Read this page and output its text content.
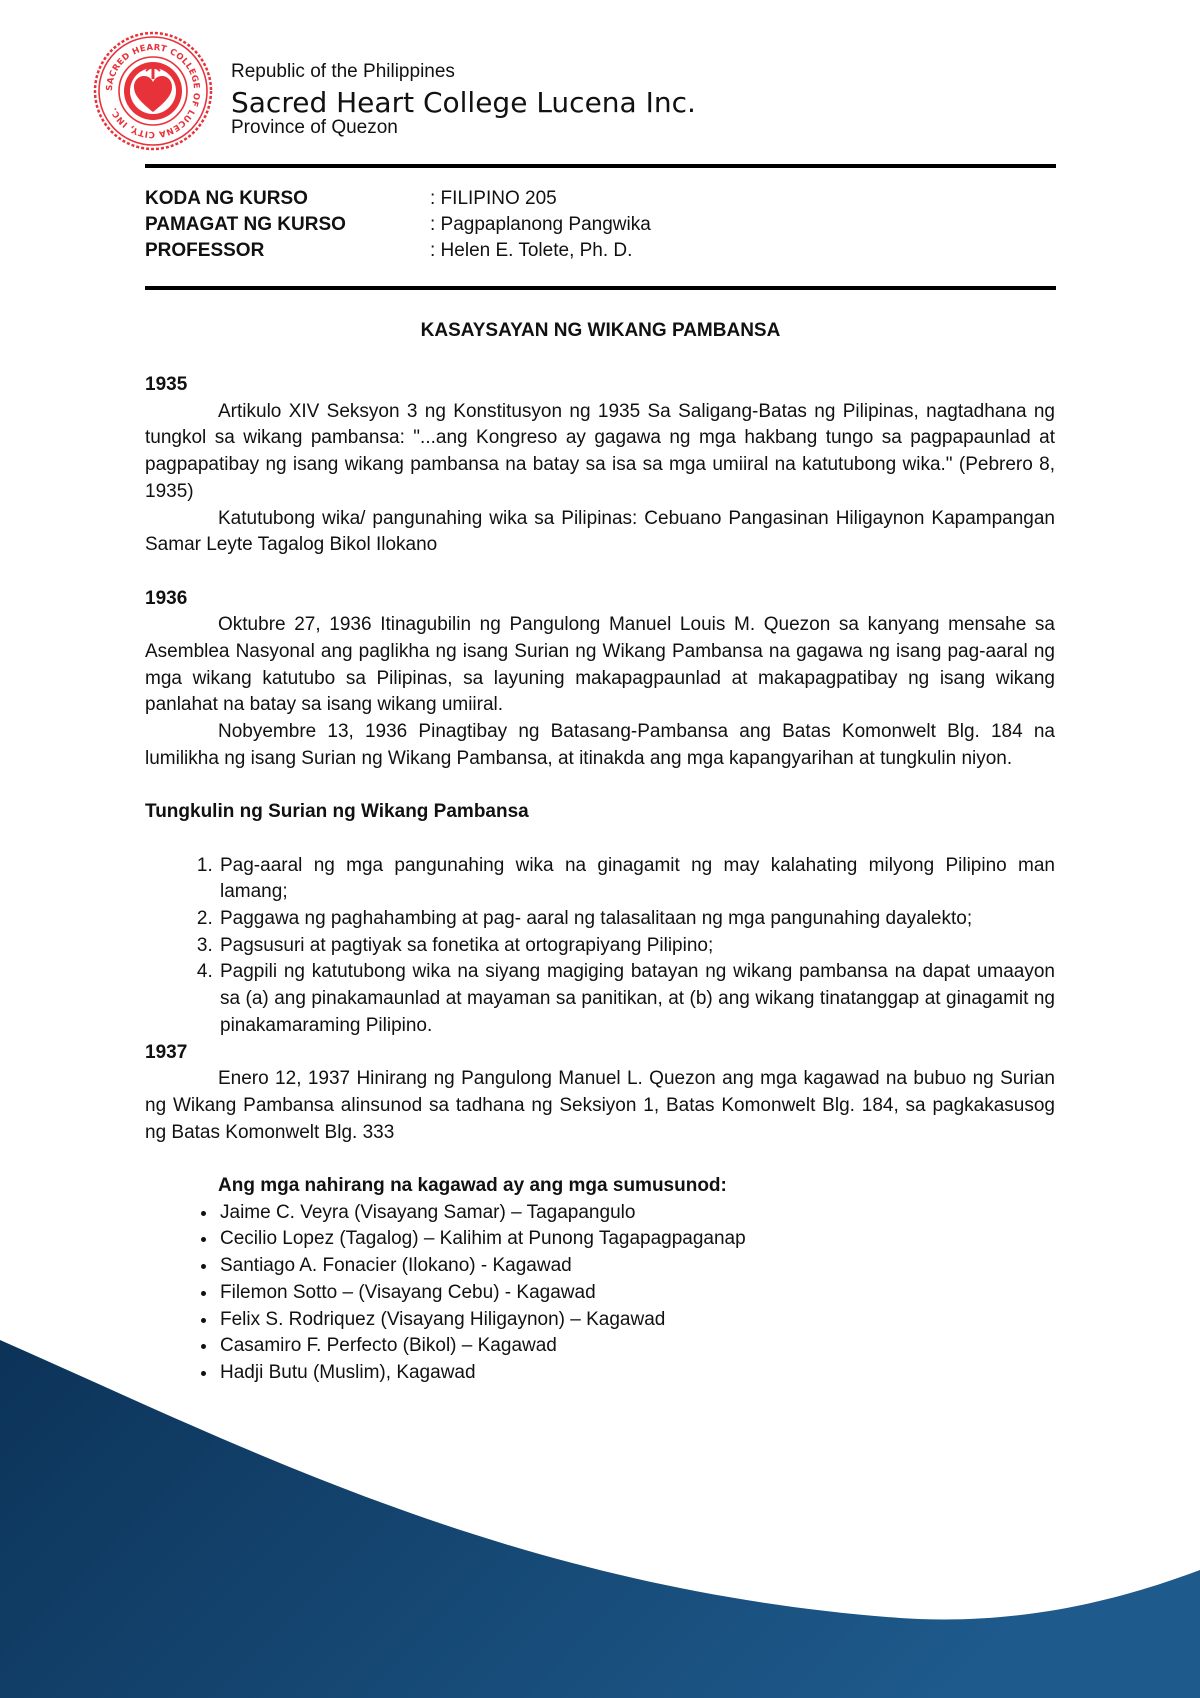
SACRED HEART COLLEGE OF LUCENA CITY, INC.
Republic of the Philippines
Sacred Heart College Lucena Inc.
Province of Quezon
KODA NG KURSO	: FILIPINO 205
PAMAGAT NG KURSO	: Pagpaplanong Pangwika
PROFESSOR	: Helen E. Tolete, Ph. D.
KASAYSAYAN NG WIKANG PAMBANSA

1935

Artikulo XIV Seksyon 3 ng Konstitusyon ng 1935 Sa Saligang-Batas ng Pilipinas, nagtadhana ng tungkol sa wikang pambansa: "...ang Kongreso ay gagawa ng mga hakbang tungo sa pagpapaunlad at pagpapatibay ng isang wikang pambansa na batay sa isa sa mga umiiral na katutubong wika." (Pebrero 8, 1935)

Katutubong wika/ pangunahing wika sa Pilipinas: Cebuano Pangasinan Hiligaynon Kapampangan Samar Leyte Tagalog Bikol Ilokano

1936

Oktubre 27, 1936 Itinagubilin ng Pangulong Manuel Louis M. Quezon sa kanyang mensahe sa Asemblea Nasyonal ang paglikha ng isang Surian ng Wikang Pambansa na gagawa ng isang pag-aaral ng mga wikang katutubo sa Pilipinas, sa layuning makapagpaunlad at makapagpatibay ng isang wikang panlahat na batay sa isang wikang umiiral.

Nobyembre 13, 1936 Pinagtibay ng Batasang-Pambansa ang Batas Komonwelt Blg. 184 na lumilikha ng isang Surian ng Wikang Pambansa, at itinakda ang mga kapangyarihan at tungkulin niyon.

Tungkulin ng Surian ng Wikang Pambansa

1. Pag-aaral ng mga pangunahing wika na ginagamit ng may kalahating milyong Pilipino man lamang;
2. Paggawa ng paghahambing at pag- aaral ng talasalitaan ng mga pangunahing dayalekto;
3. Pagsusuri at pagtiyak sa fonetika at ortograpiyang Pilipino;
4. Pagpili ng katutubong wika na siyang magiging batayan ng wikang pambansa na dapat umaayon sa (a) ang pinakamaunlad at mayaman sa panitikan, at (b) ang wikang tinatanggap at ginagamit ng pinakamaraming Pilipino.

1937

Enero 12, 1937 Hinirang ng Pangulong Manuel L. Quezon ang mga kagawad na bubuo ng Surian ng Wikang Pambansa alinsunod sa tadhana ng Seksiyon 1, Batas Komonwelt Blg. 184, sa pagkakasusog ng Batas Komonwelt Blg. 333

Ang mga nahirang na kagawad ay ang mga sumusunod:

• Jaime C. Veyra (Visayang Samar) – Tagapangulo
• Cecilio Lopez (Tagalog) – Kalihim at Punong Tagapagpaganap
• Santiago A. Fonacier (Ilokano) - Kagawad
• Filemon Sotto – (Visayang Cebu) - Kagawad
• Felix S. Rodriquez (Visayang Hiligaynon) – Kagawad
• Casamiro F. Perfecto (Bikol) – Kagawad
• Hadji Butu (Muslim), Kagawad
